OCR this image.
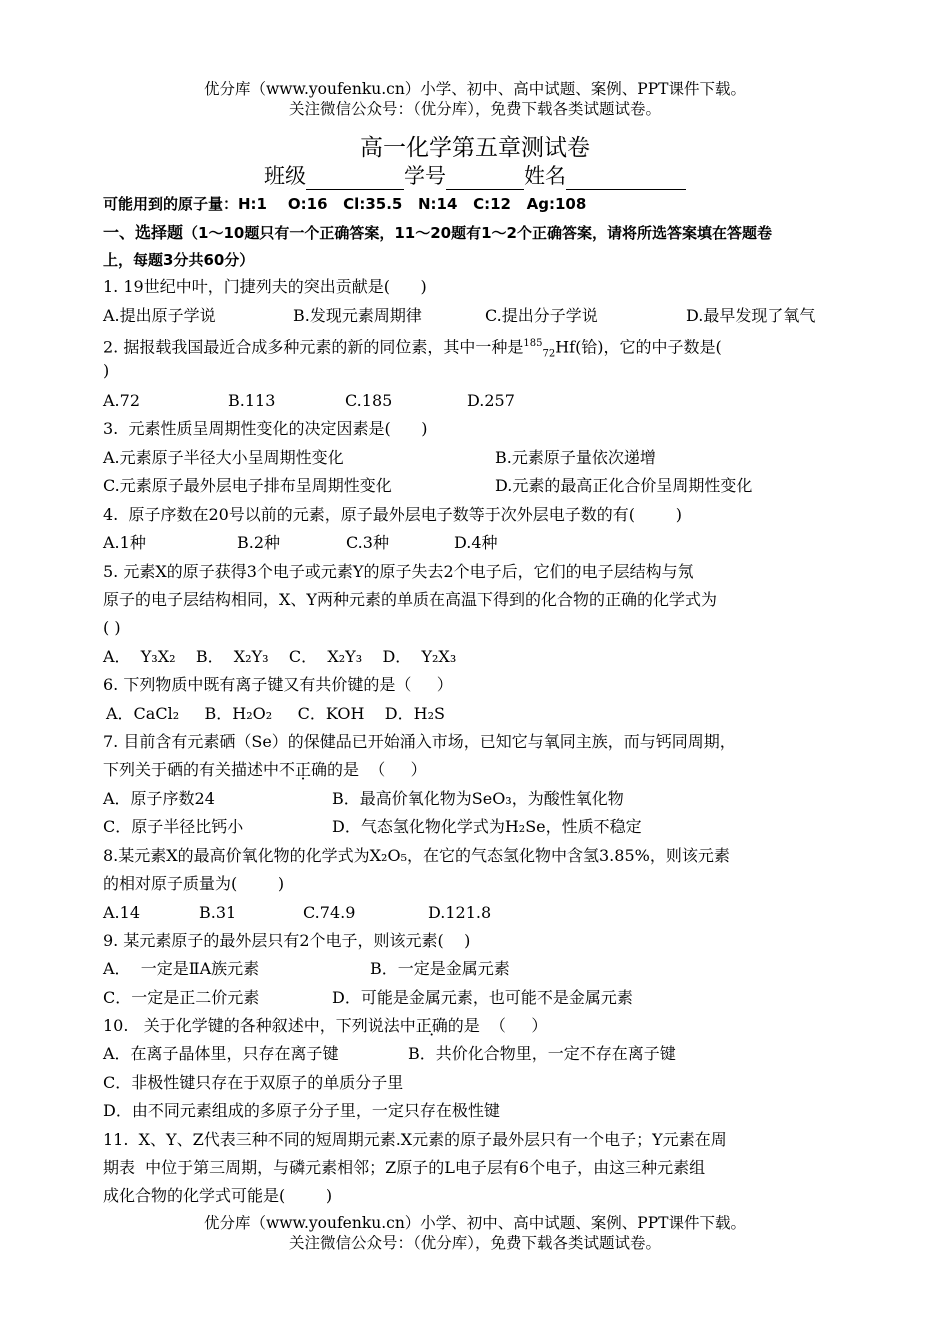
优分库（www.youfenku.cn）小学、初中、高中试题、案例、PPT课件下载。
关注微信公众号：（优分库），免费下载各类试题试卷。
高一化学第五章测试卷
班级	学号	姓名
可能用到的原子量：H:1    O:16   Cl:35.5   N:14   C:12   Ag:108
一、选择题（1～10题只有一个正确答案，11～20题有1～2个正确答案，请将所选答案填在答题卷
上，每题3分共60分）
1. 19世纪中叶，门捷列夫的突出贡献是(      )
A.提出原子学说	B.发现元素周期律	C.提出分子学说	D.最早发现了氧气
2. 据报载我国最近合成多种元素的新的同位素，其中一种是$^{185}_{72}$Hf(铪)，它的中子数是(
)
A.72	B.113	C.185	D.257
3.  元素性质呈周期性变化的决定因素是(      )
A.元素原子半径大小呈周期性变化	B.元素原子量依次递增
C.元素原子最外层电子排布呈周期性变化	D.元素的最高正化合价呈周期性变化
4.  原子序数在20号以前的元素，原子最外层电子数等于次外层电子数的有(        )
A.1种	B.2种	C.3种	D.4种
5. 元素X的原子获得3个电子或元素Y的原子失去2个电子后，它们的电子层结构与氖
原子的电子层结构相同，X、Y两种元素的单质在高温下得到的化合物的正确的化学式为
( )
A．  Y₃X₂    B．  X₂Y₃    C．  X₂Y₃    D．  Y₂X₃
6. 下列物质中既有离子键又有共价键的是（     ）
A．CaCl₂     B．H₂O₂     C．KOH    D．H₂S
7. 目前含有元素硒（Se）的保健品已开始涌入市场，已知它与氧同主族，而与钙同周期，
下列关于硒的有关描述中不正确的是  （     ）
A．原子序数24	B．最高价氧化物为SeO₃，为酸性氧化物
C．原子半径比钙小	D．气态氢化物化学式为H₂Se，性质不稳定
8.某元素X的最高价氧化物的化学式为X₂O₅，在它的气态氢化物中含氢3.85%，则该元素
的相对原子质量为(        )
A.14	B.31	C.74.9	D.121.8
9. 某元素原子的最外层只有2个电子，则该元素(    )
A．  一定是ⅡA族元素	B．一定是金属元素
C．一定是正二价元素	D．可能是金属元素，也可能不是金属元素
10.   关于化学键的各种叙述中，下列说法中正确的是  （     ）
A．在离子晶体里，只存在离子键	B．共价化合物里，一定不存在离子键
C．非极性键只存在于双原子的单质分子里
D．由不同元素组成的多原子分子里，一定只存在极性键
11.  X、Y、Z代表三种不同的短周期元素.X元素的原子最外层只有一个电子；Y元素在周
期表  中位于第三周期，与磷元素相邻；Z原子的L电子层有6个电子，由这三种元素组
成化合物的化学式可能是(        )
优分库（www.youfenku.cn）小学、初中、高中试题、案例、PPT课件下载。
关注微信公众号：（优分库），免费下载各类试题试卷。
